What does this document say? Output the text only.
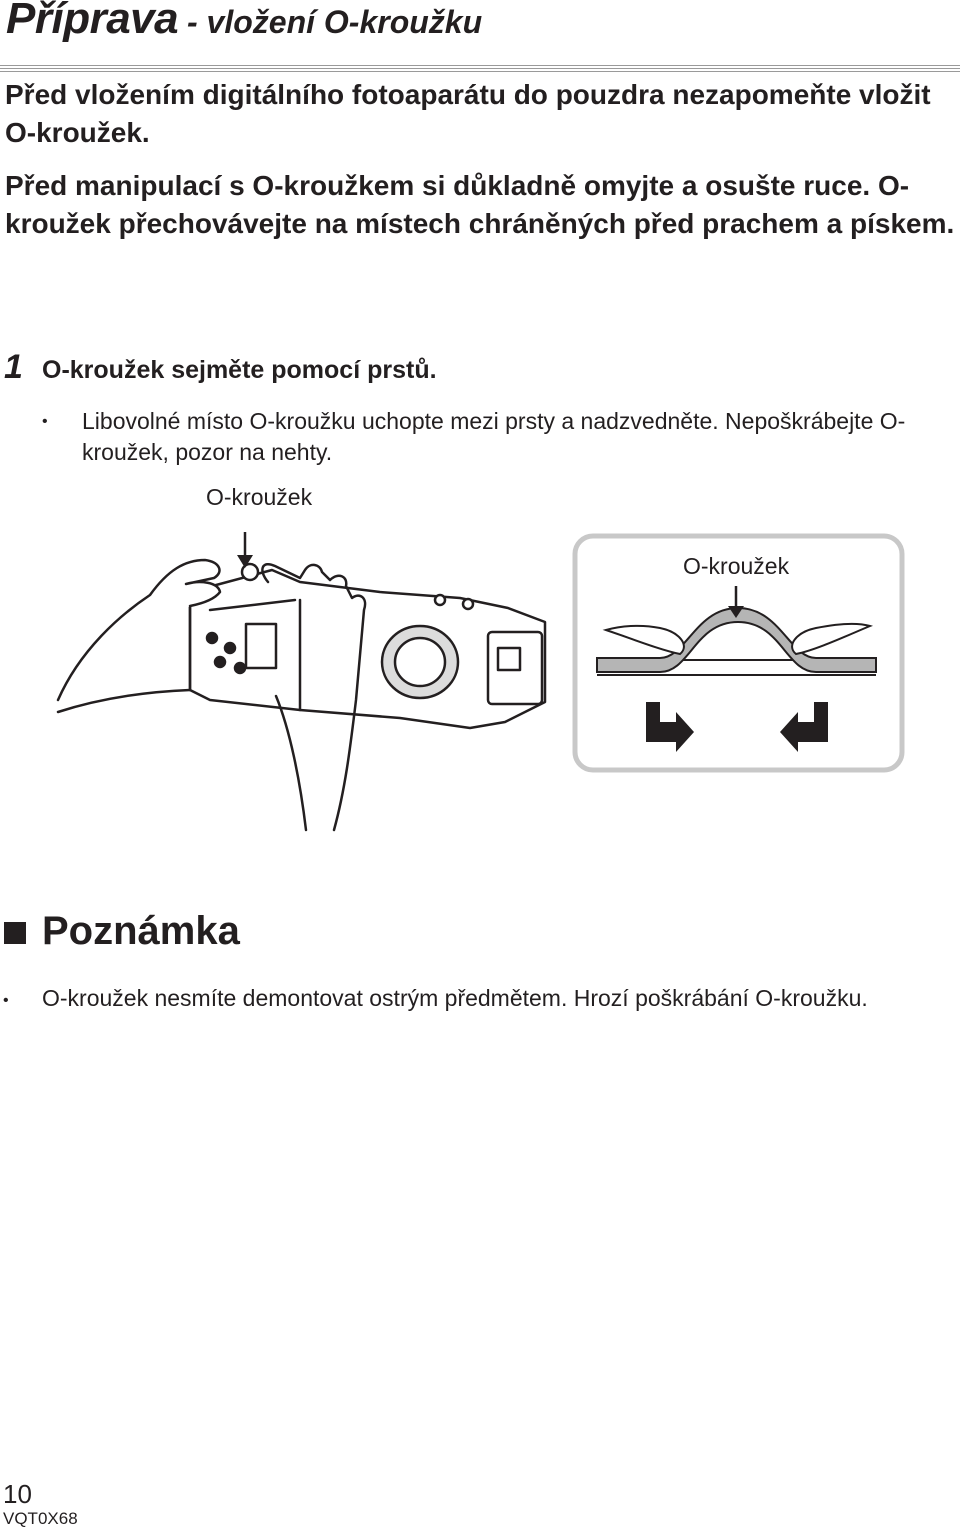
Příprava - vložení O-kroužku

Před vložením digitálního fotoaparátu do pouzdra nezapomeňte vložit O-kroužek.

Před manipulací s O-kroužkem si důkladně omyjte a osušte ruce. O-kroužek přechovávejte na místech chráněných před prachem a pískem.

1 O-kroužek sejměte pomocí prstů.
• Libovolné místo O-kroužku uchopte mezi prsty a nadzvedněte. Nepoškrábejte O-kroužek, pozor na nehty.
O-kroužek
O-kroužek
Poznámka
• O-kroužek nesmíte demontovat ostrým předmětem. Hrozí poškrábání O-kroužku.
10
VQT0X68
